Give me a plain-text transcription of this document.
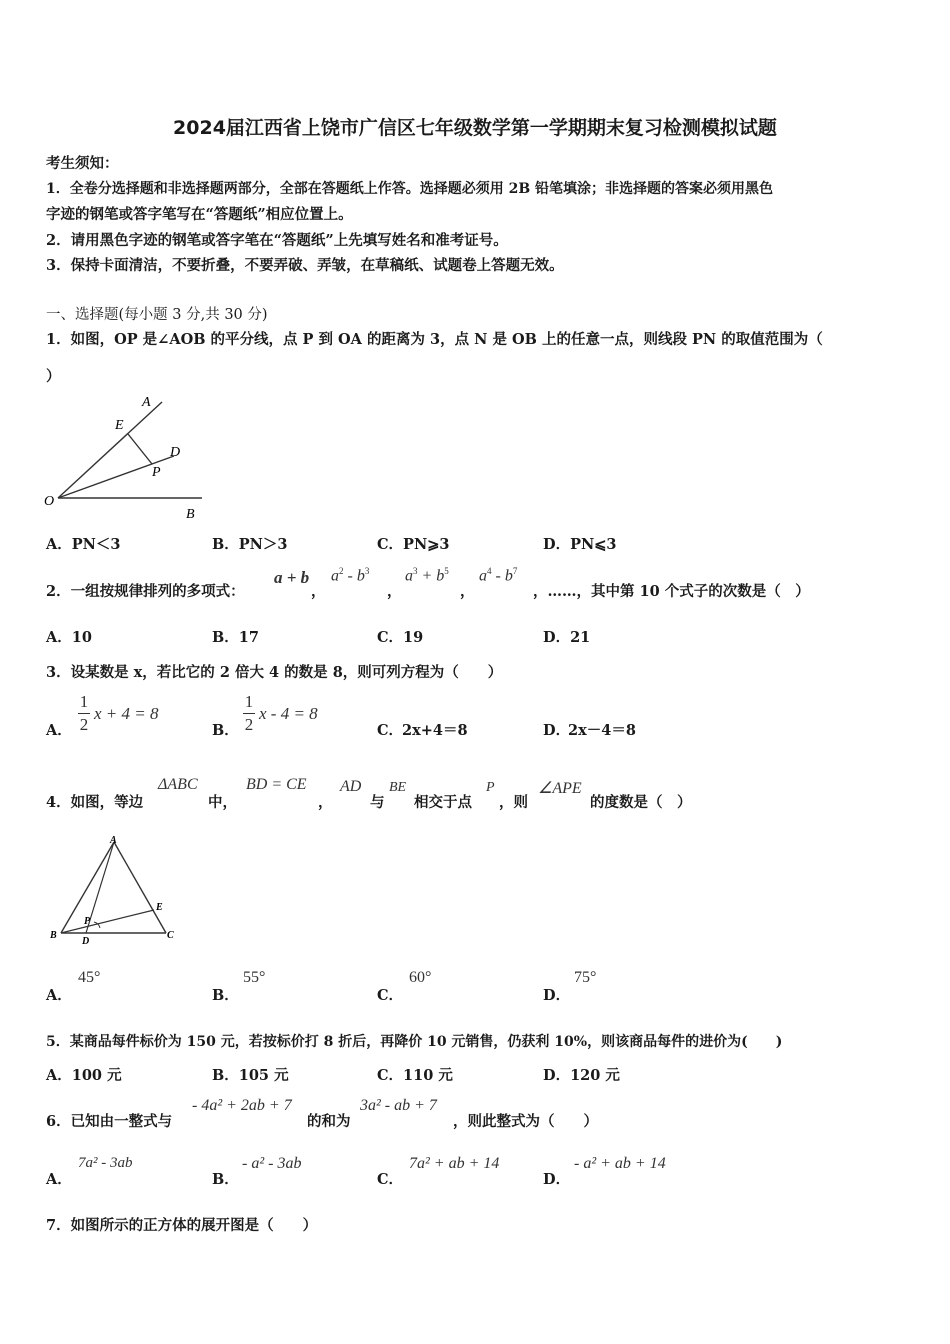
2024届江西省上饶市广信区七年级数学第一学期期末复习检测模拟试题
考生须知：
1．全卷分选择题和非选择题两部分，全部在答题纸上作答。选择题必须用 2B 铅笔填涂；非选择题的答案必须用黑色
字迹的钢笔或答字笔写在“答题纸”相应位置上。
2．请用黑色字迹的钢笔或答字笔在“答题纸”上先填写姓名和准考证号。
3．保持卡面清洁，不要折叠，不要弄破、弄皱，在草稿纸、试题卷上答题无效。
一、选择题(每小题 3 分,共 30 分)
1．如图，OP 是∠AOB 的平分线，点 P 到 OA 的距离为 3，点 N 是 OB 上的任意一点，则线段 PN 的取值范围为（
）
A
E
D
P
O
B
A．PN＜3	B．PN＞3	C．PN⩾3	D．PN⩽3
2．一组按规律排列的多项式：
a + b
，
$a^2 - b^3$
，
$a^3 + b^5$
，
$a^4 - b^7$
，……，其中第 10 个式子的次数是（　）
A．10	B．17	C．19	D．21
3．设某数是 x，若比它的 2 倍大 4 的数是 8，则可列方程为（　　）
A．
1
2
x + 4 = 8
B．
1
2
x - 4 = 8
C．
2x+4＝8	D．
2x－4＝8
4．如图，等边
ΔABC
中，
BD = CE
，
AD
与
BE
相交于点
P
，则
∠APE
的度数是（　）
A
B	C
D
E
P
A．
45°
B．
55°
C．
60°
D．
75°
5．某商品每件标价为 150 元，若按标价打 8 折后，再降价 10 元销售，仍获利 10%，则该商品每件的进价为(　　)
A．100 元	B．105 元	C．110 元	D．120 元
6．已知由一整式与
- 4a² + 2ab + 7
的和为
3a² - ab + 7
，则此整式为（　　）
A．
7a² - 3ab
B．
- a² - 3ab
C．
7a² + ab + 14
D．
- a² + ab + 14
7．如图所示的正方体的展开图是（　　）
